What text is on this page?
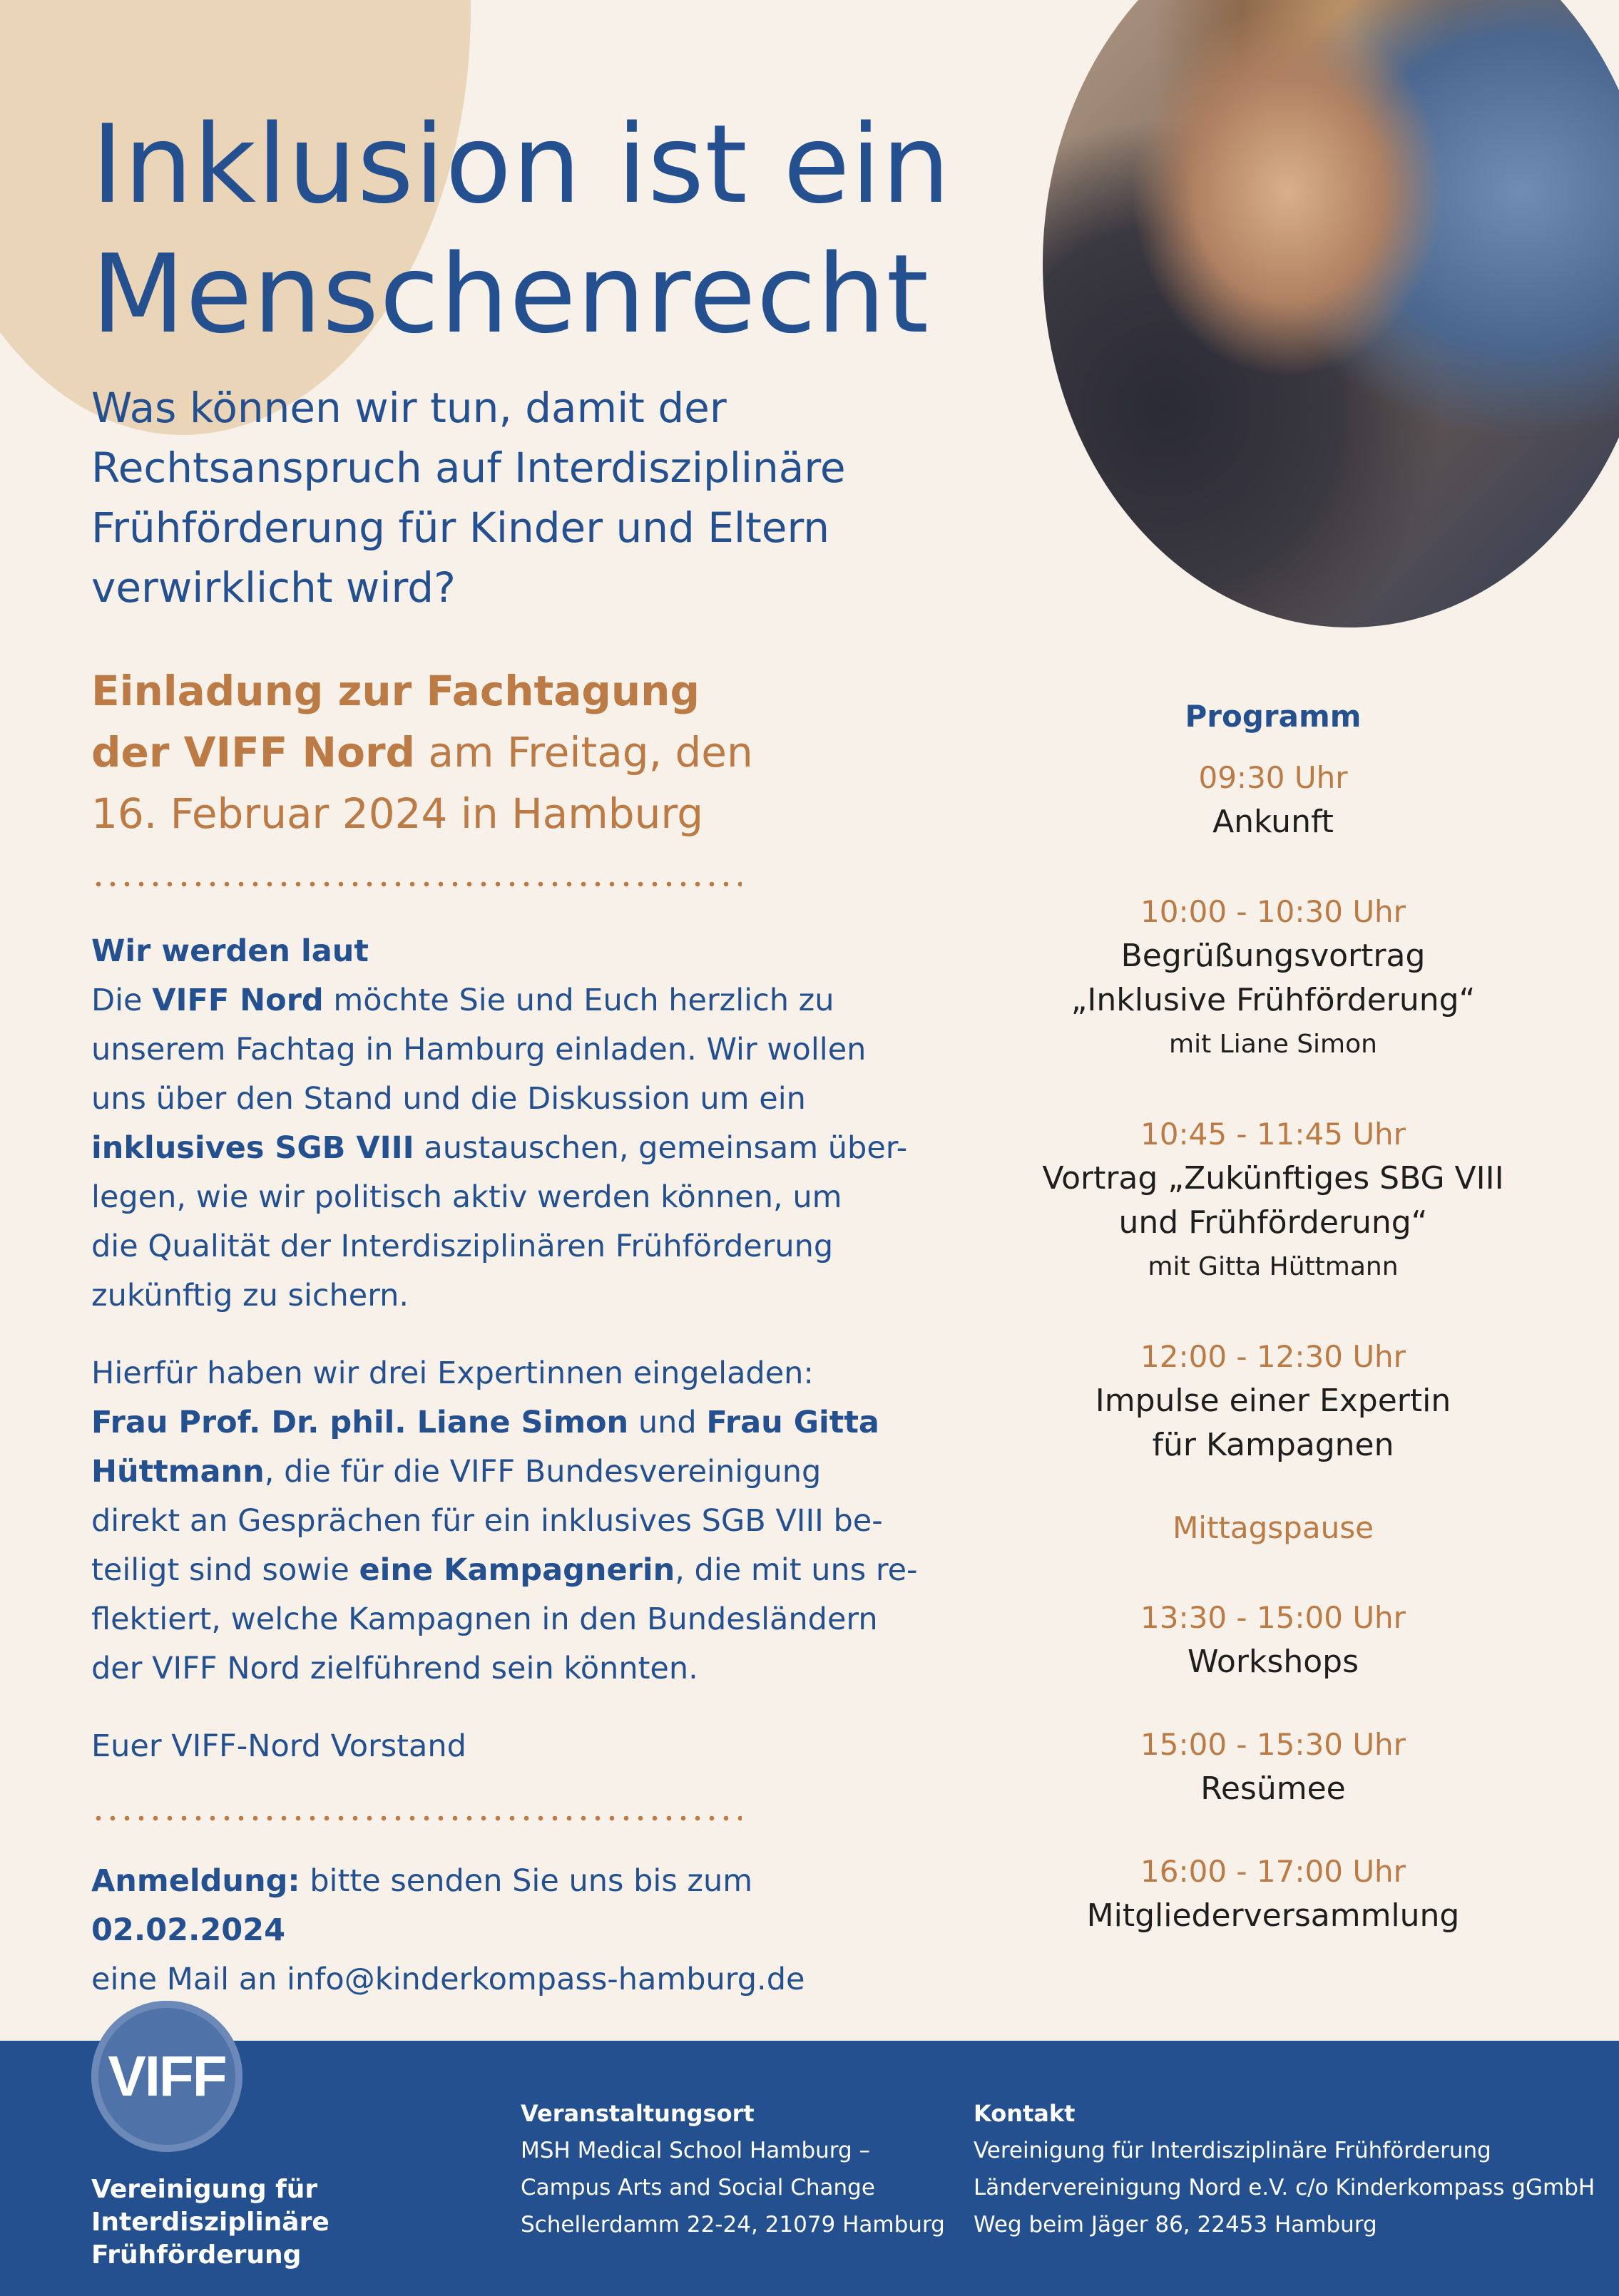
Inklusion ist ein
Menschenrecht
Was können wir tun, damit der
Rechtsanspruch auf Interdisziplinäre
Frühförderung für Kinder und Eltern
verwirklicht wird?
Einladung zur Fachtagung
der VIFF Nord am Freitag, den
16. Februar 2024 in Hamburg

Wir werden laut

Die VIFF Nord möchte Sie und Euch herzlich zu

unserem Fachtag in Hamburg einladen. Wir wollen

uns über den Stand und die Diskussion um ein

inklusives SGB VIII austauschen, gemeinsam über-

legen, wie wir politisch aktiv werden können, um

die Qualität der Interdisziplinären Frühförderung

zukünftig zu sichern.

Hierfür haben wir drei Expertinnen eingeladen:

Frau Prof. Dr. phil. Liane Simon und Frau Gitta

Hüttmann, die für die VIFF Bundesvereinigung

direkt an Gesprächen für ein inklusives SGB VIII be-

teiligt sind sowie eine Kampagnerin, die mit uns re-

flektiert, welche Kampagnen in den Bundesländern

der VIFF Nord zielführend sein könnten.

Euer VIFF-Nord Vorstand

Anmeldung: bitte senden Sie uns bis zum 02.02.2024

eine Mail an info@kinderkompass-hamburg.de

Programm
09:30 Uhr
Ankunft
10:00 - 10:30 Uhr
Begrüßungsvortrag
„Inklusive Frühförderung“
mit Liane Simon
10:45 - 11:45 Uhr
Vortrag „Zukünftiges SBG VIII
und Frühförderung“
mit Gitta Hüttmann
12:00 - 12:30 Uhr
Impulse einer Expertin
für Kampagnen
Mittagspause
13:30 - 15:00 Uhr
Workshops
15:00 - 15:30 Uhr
Resümee
16:00 - 17:00 Uhr
Mitgliederversammlung
VIFF
Vereinigung für
Interdisziplinäre Frühförderung
Veranstaltungsort
MSH Medical School Hamburg –
Campus Arts and Social Change
Schellerdamm 22-24, 21079 Hamburg
Kontakt
Vereinigung für Interdisziplinäre Frühförderung
Ländervereinigung Nord e.V. c/o Kinderkompass gGmbH
Weg beim Jäger 86, 22453 Hamburg
